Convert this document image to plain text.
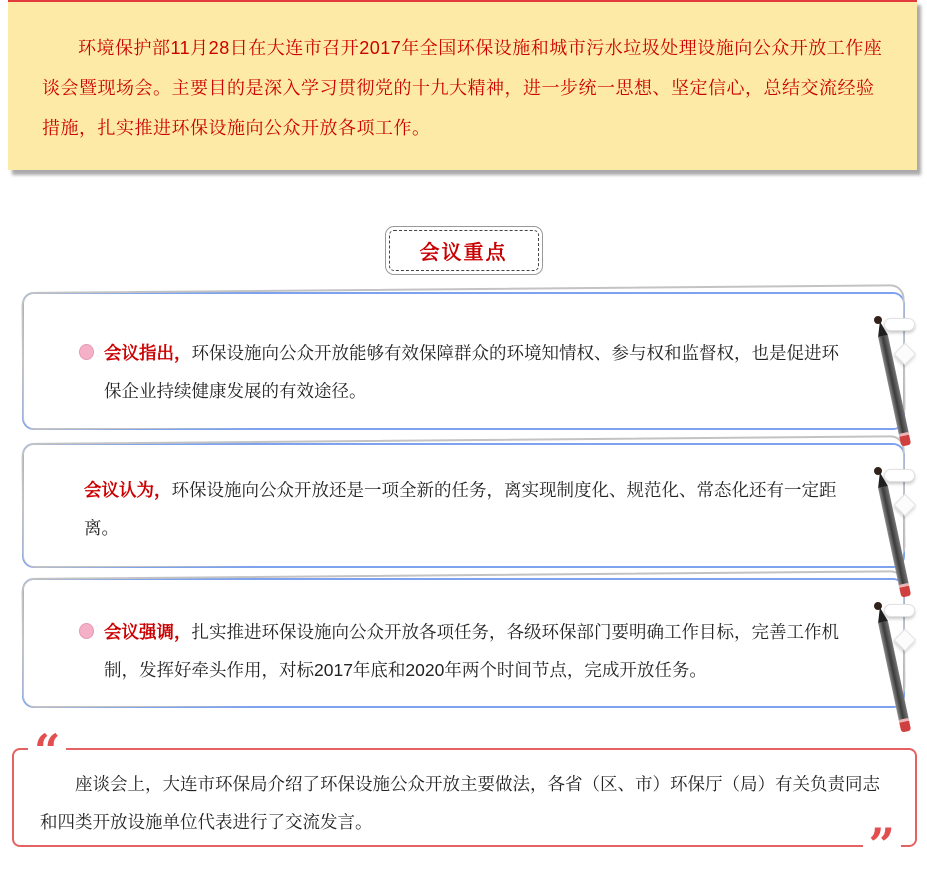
环境保护部11月28日在大连市召开2017年全国环保设施和城市污水垃圾处理设施向公众开放工作座谈会暨现场会。主要目的是深入学习贯彻党的十九大精神，进一步统一思想、坚定信心，总结交流经验措施，扎实推进环保设施向公众开放各项工作。

会议重点

会议指出，环保设施向公众开放能够有效保障群众的环境知情权、参与权和监督权，也是促进环保企业持续健康发展的有效途径。

会议认为，环保设施向公众开放还是一项全新的任务，离实现制度化、规范化、常态化还有一定距离。

会议强调，扎实推进环保设施向公众开放各项任务，各级环保部门要明确工作目标，完善工作机制，发挥好牵头作用，对标2017年底和2020年两个时间节点，完成开放任务。

“

座谈会上，大连市环保局介绍了环保设施公众开放主要做法，各省（区、市）环保厅（局）有关负责同志和四类开放设施单位代表进行了交流发言。	”
